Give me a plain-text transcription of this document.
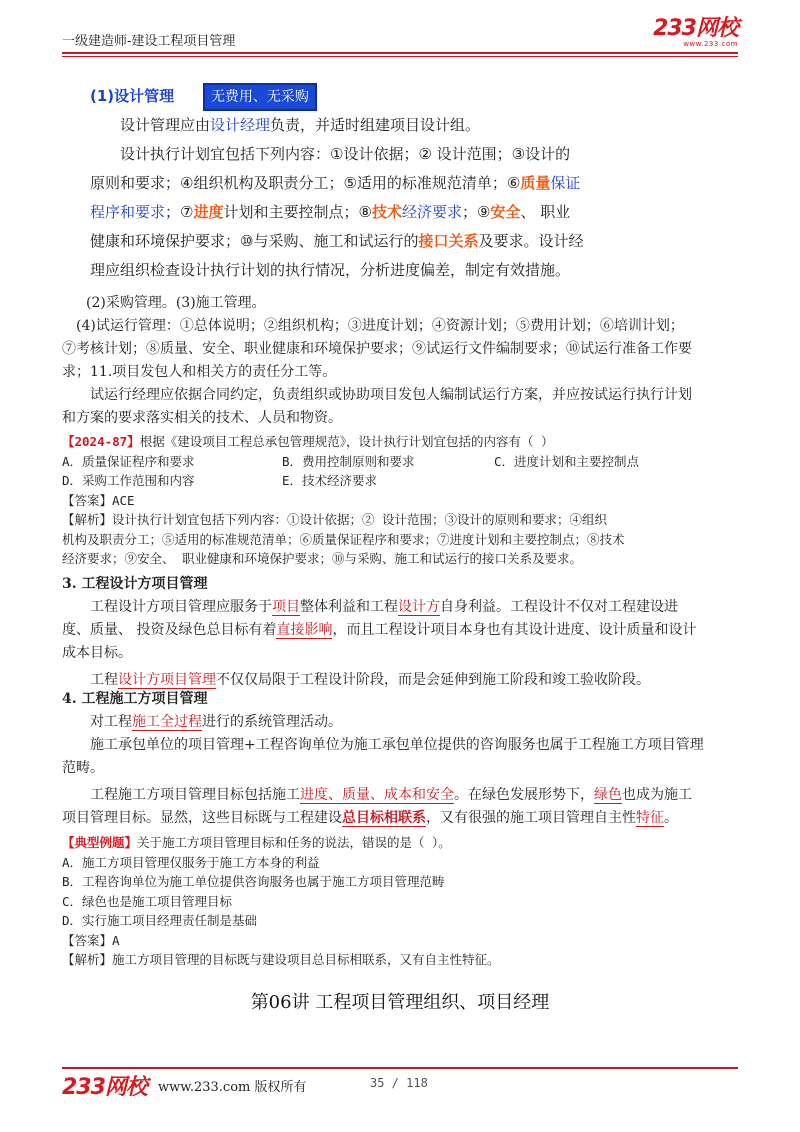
一级建造师-建设工程项目管理
233网校
www.233.com

(1)设计管理	无费用、无采购

设计管理应由设计经理负责，并适时组建项目设计组。

设计执行计划宜包括下列内容：①设计依据；② 设计范围；③设计的

原则和要求；④组织机构及职责分工；⑤适用的标准规范清单；⑥质量保证

程序和要求；⑦进度计划和主要控制点；⑧技术经济要求；⑨安全、 职业

健康和环境保护要求；⑩与采购、施工和试运行的接口关系及要求。设计经

理应组织检查设计执行计划的执行情况，分析进度偏差，制定有效措施。

(2)采购管理。(3)施工管理。

(4)试运行管理：①总体说明；②组织机构；③进度计划；④资源计划；⑤费用计划；⑥培训计划；

⑦考核计划；⑧质量、安全、职业健康和环境保护要求；⑨试运行文件编制要求；⑩试运行准备工作要

求；11.项目发包人和相关方的责任分工等。

试运行经理应依据合同约定，负责组织或协助项目发包人编制试运行方案，并应按试运行执行计划

和方案的要求落实相关的技术、人员和物资。

【2024-87】根据《建设项目工程总承包管理规范》，设计执行计划宜包括的内容有（ ）

A．质量保证程序和要求	B．费用控制原则和要求	C．进度计划和主要控制点

D．采购工作范围和内容	E．技术经济要求

【答案】ACE

【解析】设计执行计划宜包括下列内容：①设计依据；② 设计范围；③设计的原则和要求；④组织

机构及职责分工；⑤适用的标准规范清单；⑥质量保证程序和要求；⑦进度计划和主要控制点；⑧技术

经济要求；⑨安全、 职业健康和环境保护要求；⑩与采购、施工和试运行的接口关系及要求。

3. 工程设计方项目管理

工程设计方项目管理应服务于项目整体利益和工程设计方自身利益。工程设计不仅对工程建设进

度、质量、 投资及绿色总目标有着直接影响，而且工程设计项目本身也有其设计进度、设计质量和设计

成本目标。

工程设计方项目管理不仅仅局限于工程设计阶段，而是会延伸到施工阶段和竣工验收阶段。

4. 工程施工方项目管理

对工程施工全过程进行的系统管理活动。

施工承包单位的项目管理+工程咨询单位为施工承包单位提供的咨询服务也属于工程施工方项目管理

范畴。

工程施工方项目管理目标包括施工进度、质量、成本和安全。在绿色发展形势下，绿色也成为施工

项目管理目标。显然，这些目标既与工程建设总目标相联系，又有很强的施工项目管理自主性特征。

【典型例题】关于施工方项目管理目标和任务的说法，错误的是（ ）。

A．施工方项目管理仅服务于施工方本身的利益

B．工程咨询单位为施工单位提供咨询服务也属于施工方项目管理范畴

C．绿色也是施工项目管理目标

D．实行施工项目经理责任制是基础

【答案】A

【解析】施工方项目管理的目标既与建设项目总目标相联系，又有自主性特征。

第06讲 工程项目管理组织、项目经理
233网校 www.233.com 版权所有	35 / 118
